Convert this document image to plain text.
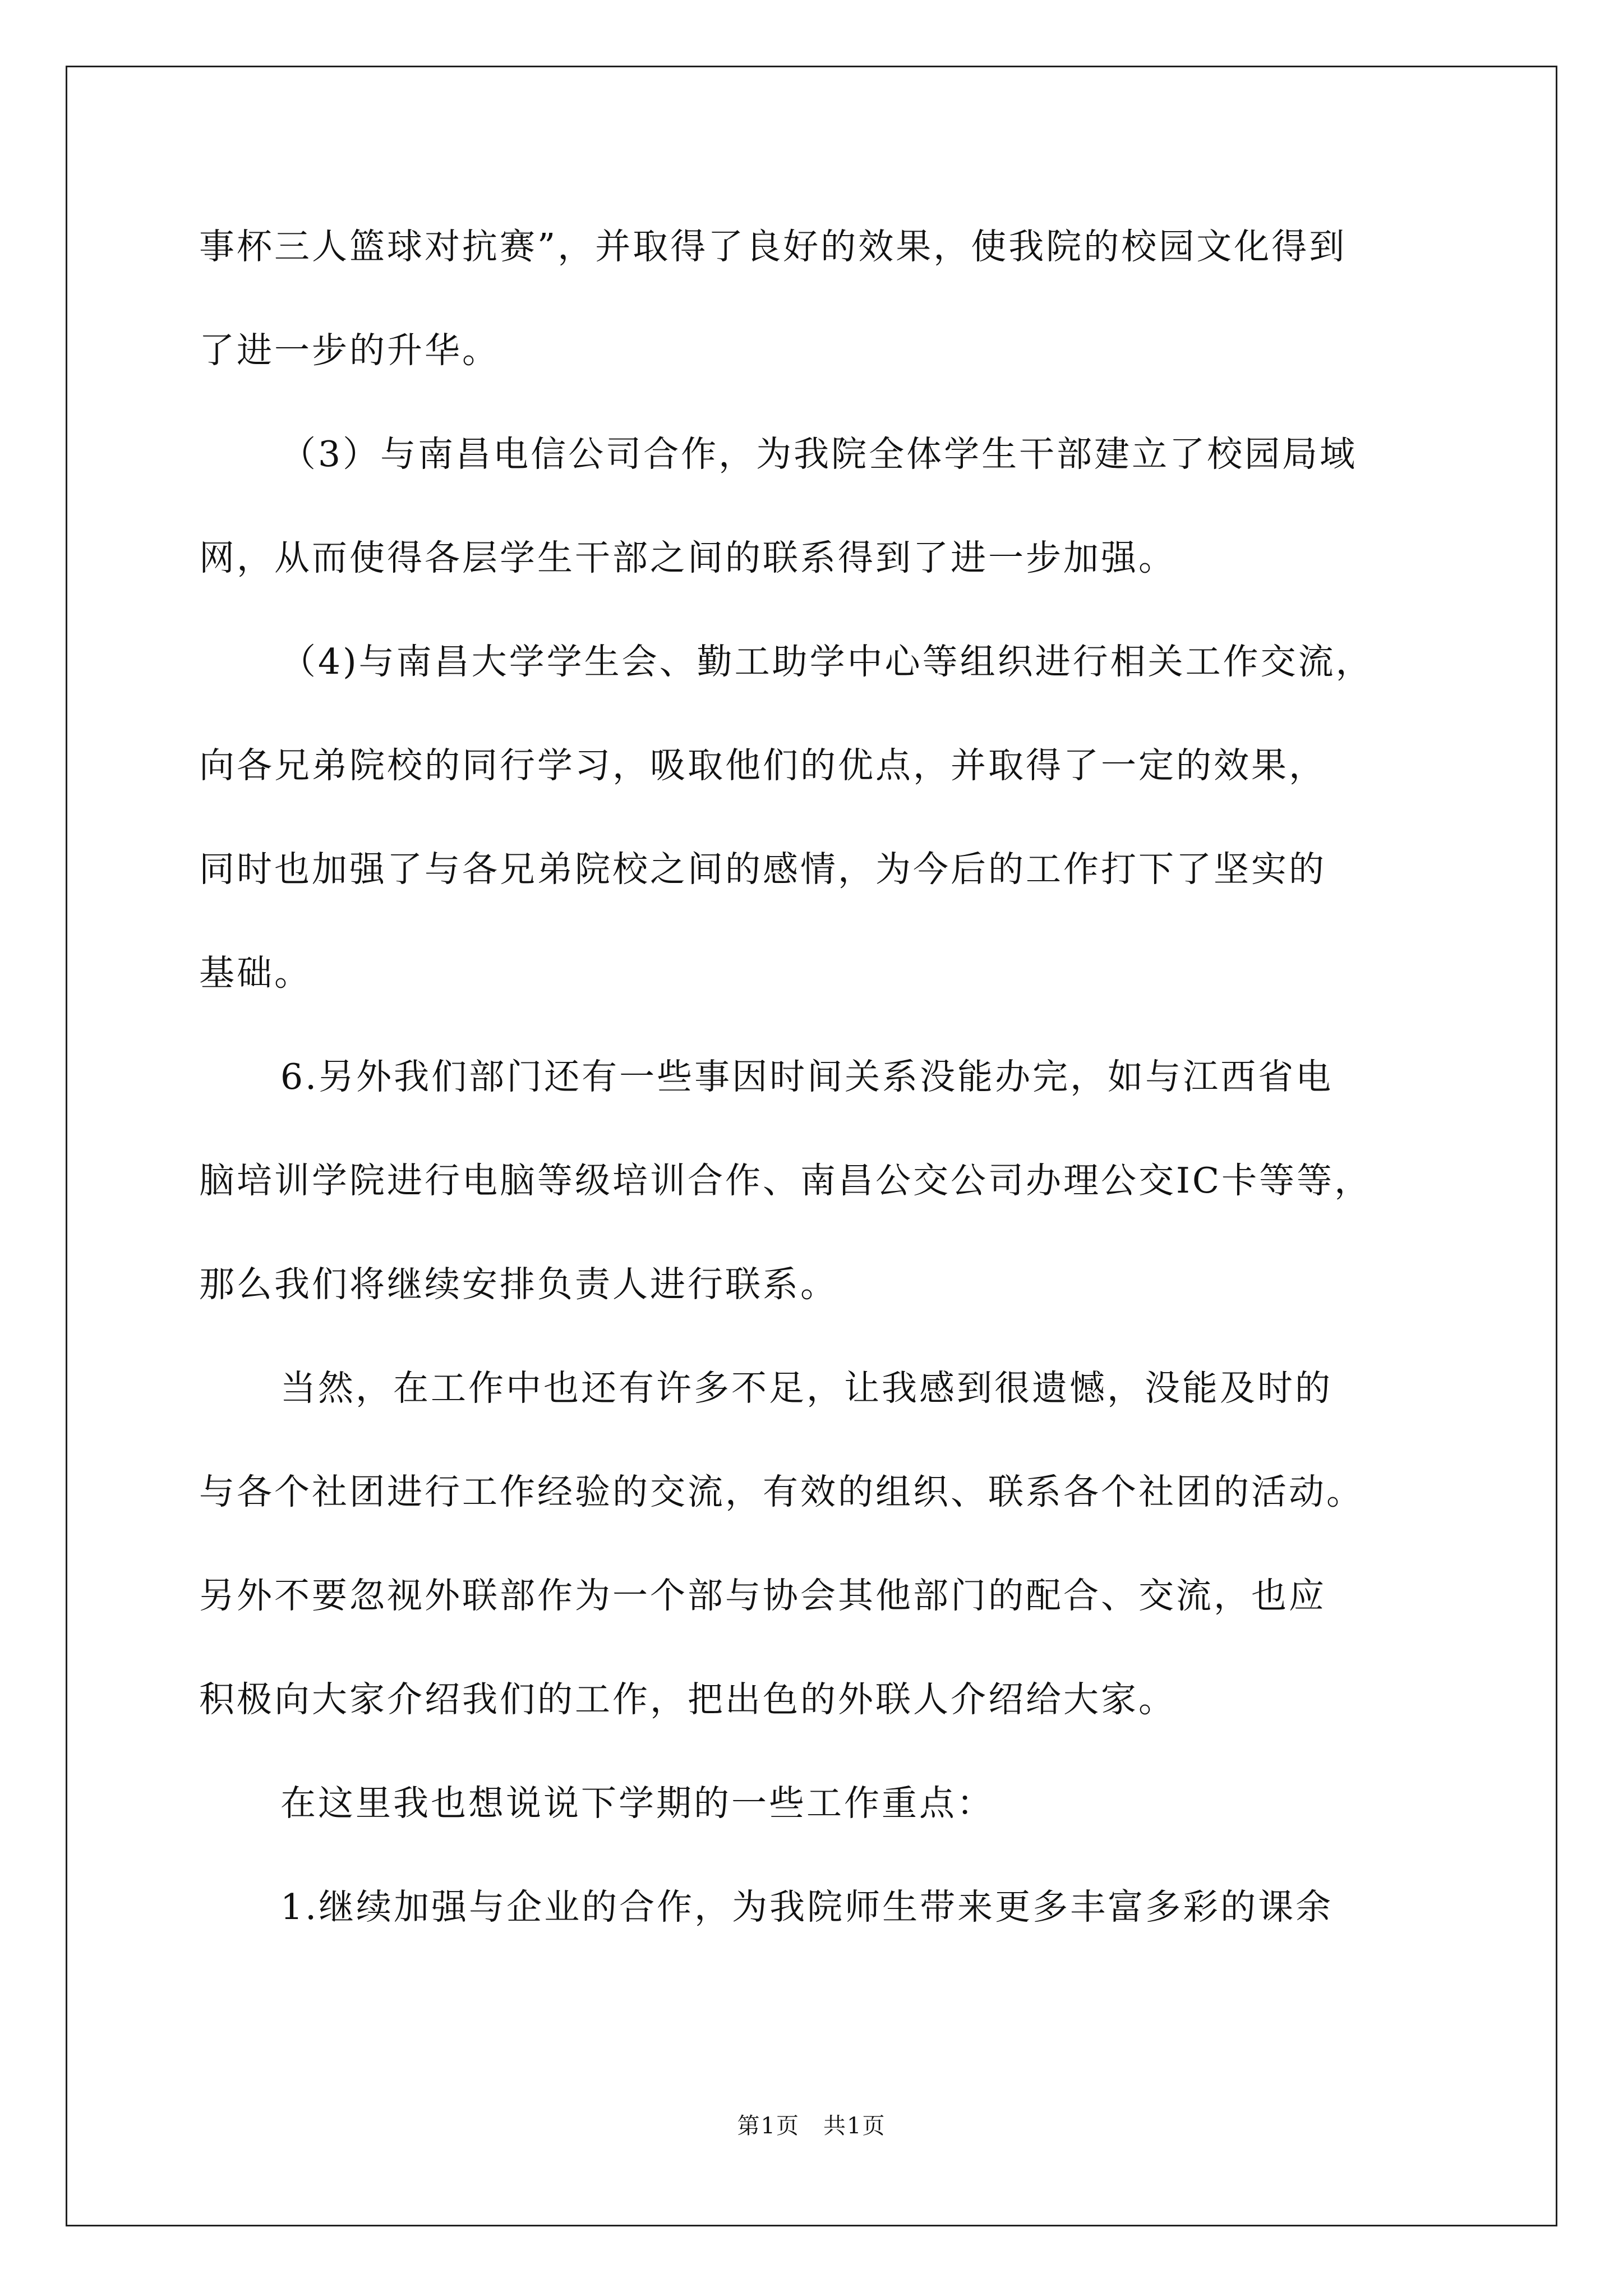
事杯三人篮球对抗赛”，并取得了良好的效果，使我院的校园文化得到

了进一步的升华。

（3）与南昌电信公司合作，为我院全体学生干部建立了校园局域

网，从而使得各层学生干部之间的联系得到了进一步加强。

（4)与南昌大学学生会、勤工助学中心等组织进行相关工作交流，

向各兄弟院校的同行学习，吸取他们的优点，并取得了一定的效果，

同时也加强了与各兄弟院校之间的感情，为今后的工作打下了坚实的

基础。

6.另外我们部门还有一些事因时间关系没能办完，如与江西省电

脑培训学院进行电脑等级培训合作、南昌公交公司办理公交IC卡等等，

那么我们将继续安排负责人进行联系。

当然，在工作中也还有许多不足，让我感到很遗憾，没能及时的

与各个社团进行工作经验的交流，有效的组织、联系各个社团的活动。

另外不要忽视外联部作为一个部与协会其他部门的配合、交流，也应

积极向大家介绍我们的工作，把出色的外联人介绍给大家。

在这里我也想说说下学期的一些工作重点：

1.继续加强与企业的合作，为我院师生带来更多丰富多彩的课余

第1页　共1页
